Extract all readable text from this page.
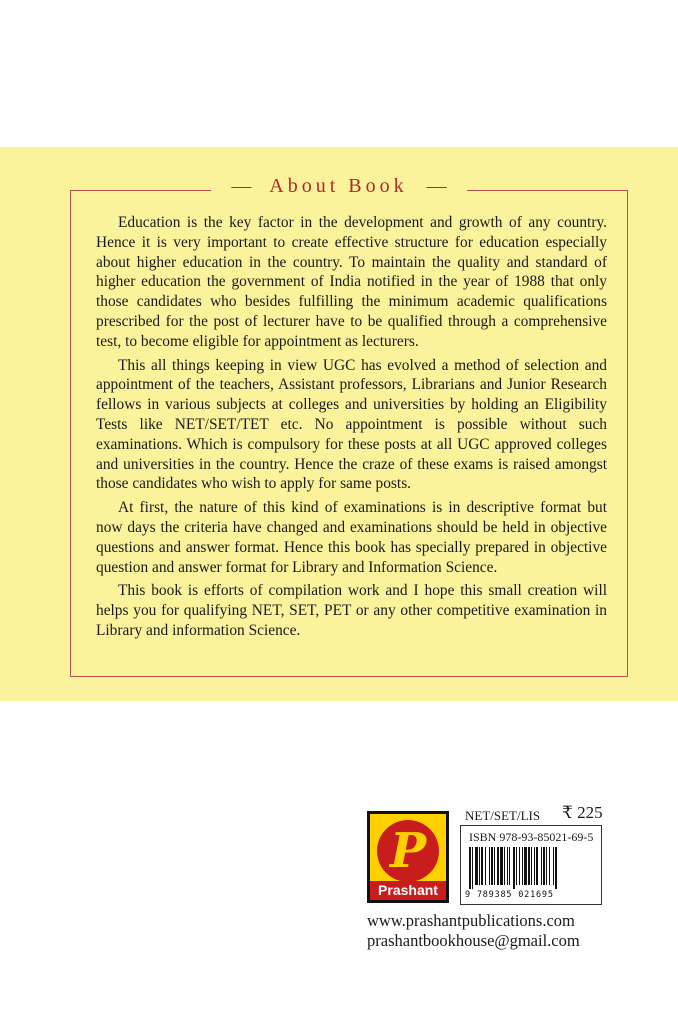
— About Book —

Education is the key factor in the development and growth of any country. Hence it is very important to create effective structure for education especially about higher education in the country. To maintain the quality and standard of higher education the government of India notified in the year of 1988 that only those candidates who besides fulfilling the minimum academic qualifications prescribed for the post of lecturer have to be qualified through a comprehensive test, to become eligible for appointment as lecturers.

This all things keeping in view UGC has evolved a method of selection and appointment of the teachers, Assistant professors, Librarians and Junior Research fellows in various subjects at colleges and universities by holding an Eligibility Tests like NET/SET/TET etc. No appointment is possible without such examinations. Which is compulsory for these posts at all UGC approved colleges and universities in the country. Hence the craze of these exams is raised amongst those candidates who wish to apply for same posts.

At first, the nature of this kind of examinations is in descriptive format but now days the criteria have changed and examinations should be held in objective questions and answer format. Hence this book has specially prepared in objective question and answer format for Library and Information Science.

This book is efforts of compilation work and I hope this small creation will helps you for qualifying NET, SET, PET or any other competitive examination in Library and information Science.

P
Prashant
NET/SET/LIS ₹ 225
ISBN 978-93-85021-69-5
9 789385 021695
www.prashantpublications.com
prashantbookhouse@gmail.com
